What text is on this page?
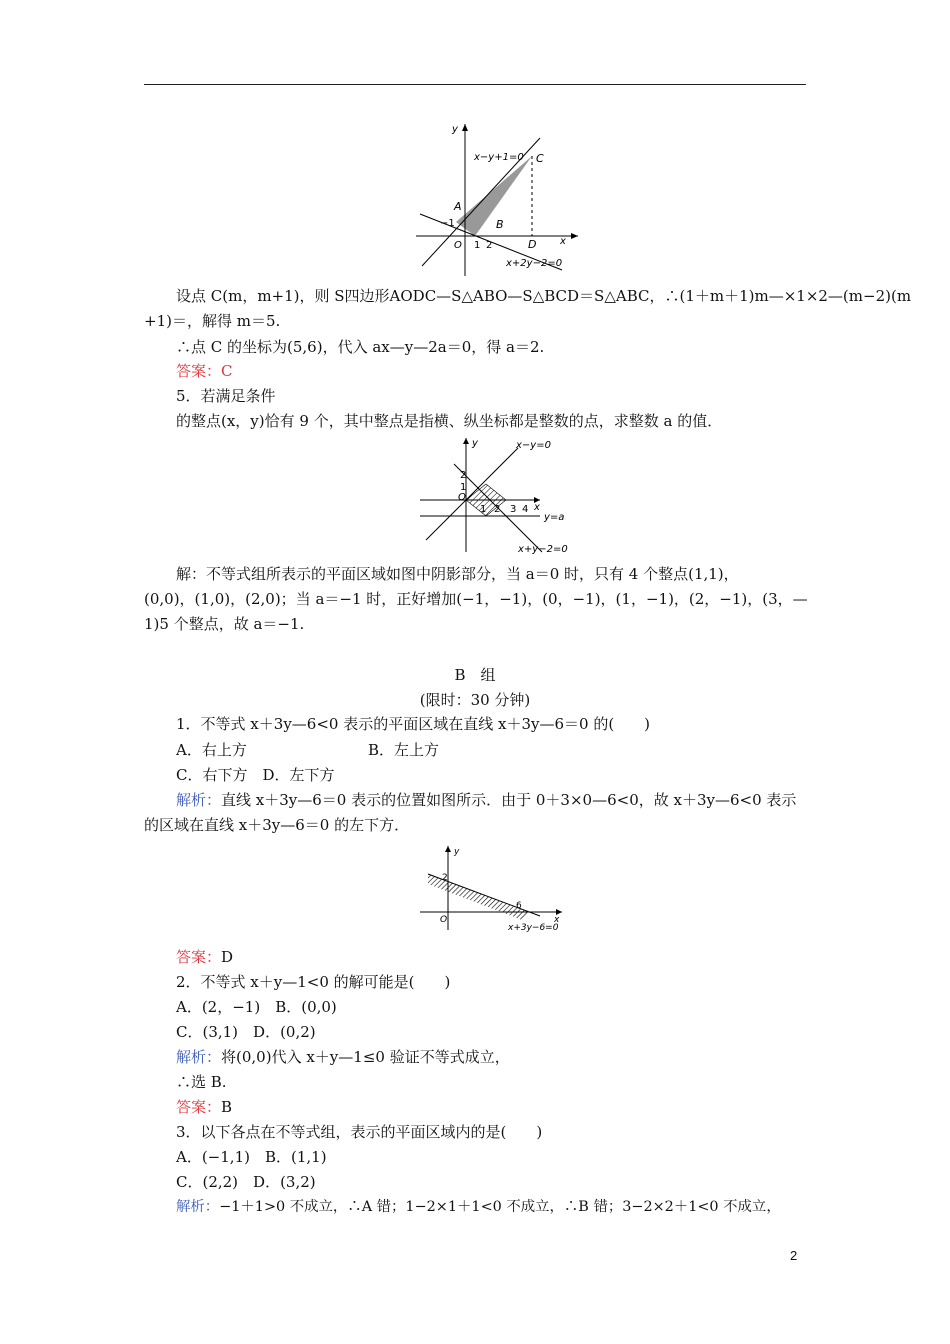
y
x
x−y+1=0 C
A
−1	B
O 1 2	D
x+2y−2=0
设点 C(m，m+1)，则 S四边形AODC—S△ABO—S△BCD＝S△ABC，∴(1＋m＋1)m—×1×2—(m−2)(m
+1)＝，解得 m＝5.
∴点 C 的坐标为(5,6)，代入 ax—y—2a＝0，得 a＝2.
答案：C
5．若满足条件
的整点(x，y)恰有 9 个，其中整点是指横、纵坐标都是整数的点，求整数 a 的值．
y	x−y=0
2
1
O
1 2 3 4 x
y=a
x+y−2=0
解：不等式组所表示的平面区域如图中阴影部分，当 a＝0 时，只有 4 个整点(1,1)，
(0,0)，(1,0)，(2,0)；当 a＝−1 时，正好增加(−1，−1)，(0，−1)，(1，−1)，(2，−1)，(3，—
1)5 个整点，故 a＝−1.
B　组
(限时：30 分钟)
1．不等式 x＋3y—6<0 表示的平面区域在直线 x＋3y—6＝0 的(　　)
A．右上方	B．左上方
C．右下方　D．左下方
解析：直线 x＋3y—6＝0 表示的位置如图所示．由于 0＋3×0—6<0，故 x＋3y—6<0 表示
的区域在直线 x＋3y—6＝0 的左下方．
y
2
O
6
x
x+3y−6=0
答案：D
2．不等式 x＋y—1<0 的解可能是(　　)
A．(2，−1)　B．(0,0)
C．(3,1)　D．(0,2)
解析：将(0,0)代入 x＋y—1≤0 验证不等式成立，
∴选 B.
答案：B
3．以下各点在不等式组，表示的平面区域内的是(　　)
A．(−1,1)　B．(1,1)
C．(2,2)　D．(3,2)
解析：−1＋1>0 不成立，∴A 错；1−2×1＋1<0 不成立，∴B 错；3−2×2＋1<0 不成立，
2
